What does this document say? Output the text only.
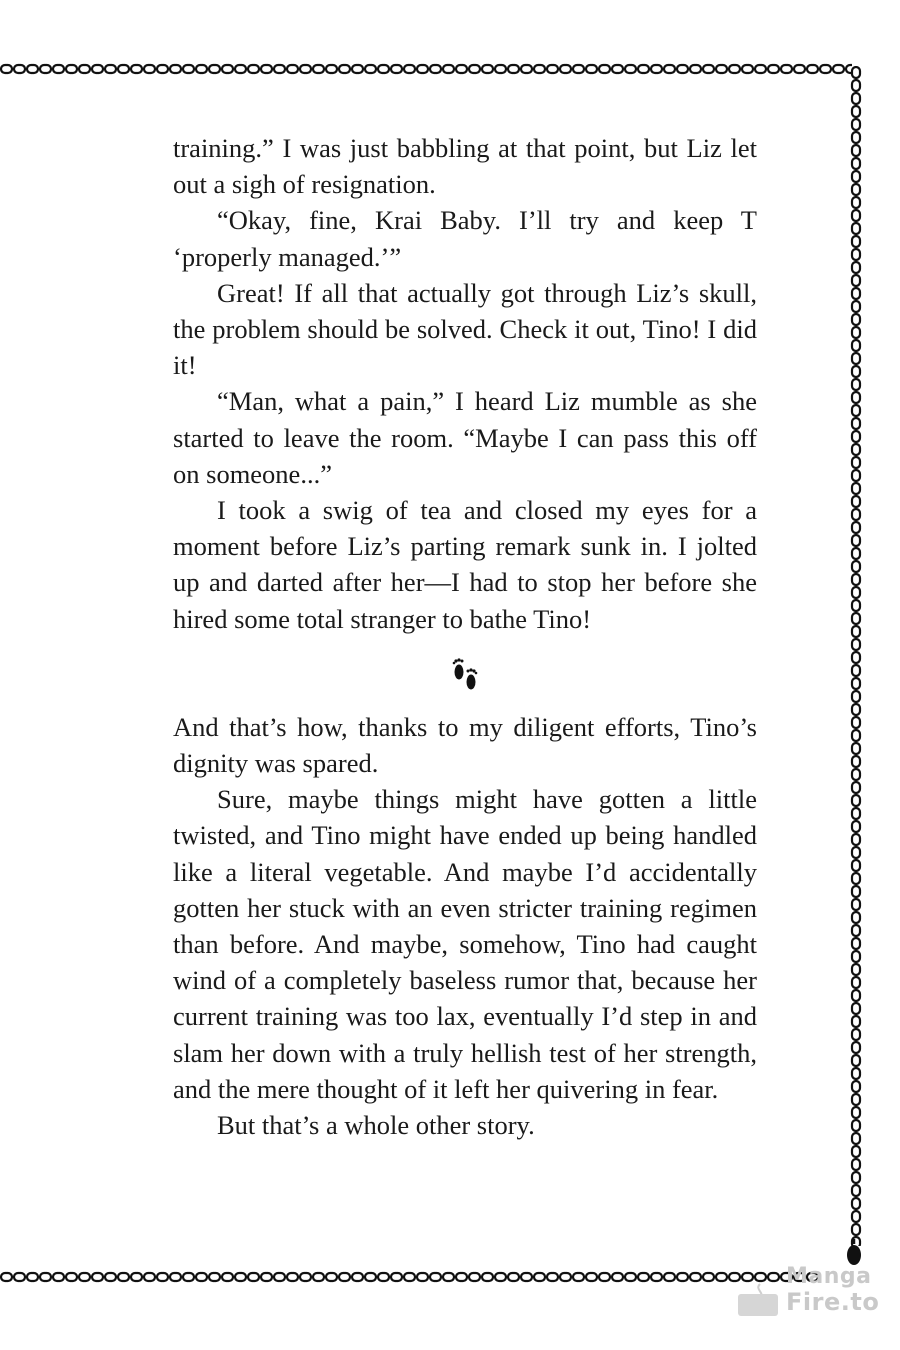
training.” I was just babbling at that point, but Liz let out a sigh of resignation.

“Okay, fine, Krai Baby. I’ll try and keep T ‘properly managed.’”

Great! If all that actually got through Liz’s skull, the problem should be solved. Check it out, Tino! I did it!

“Man, what a pain,” I heard Liz mumble as she started to leave the room. “Maybe I can pass this off on someone...”

I took a swig of tea and closed my eyes for a moment before Liz’s parting remark sunk in. I jolted up and darted after her—I had to stop her before she hired some total stranger to bathe Tino!

And that’s how, thanks to my diligent efforts, Tino’s dignity was spared.

Sure, maybe things might have gotten a little twisted, and Tino might have ended up being handled like a literal vegetable. And maybe I’d accidentally gotten her stuck with an even stricter training regimen than before. And maybe, somehow, Tino had caught wind of a completely baseless rumor that, because her current training was too lax, eventually I’d step in and slam her down with a truly hellish test of her strength, and the mere thought of it left her quivering in fear.

But that’s a whole other story.

Manga
Fire.to
